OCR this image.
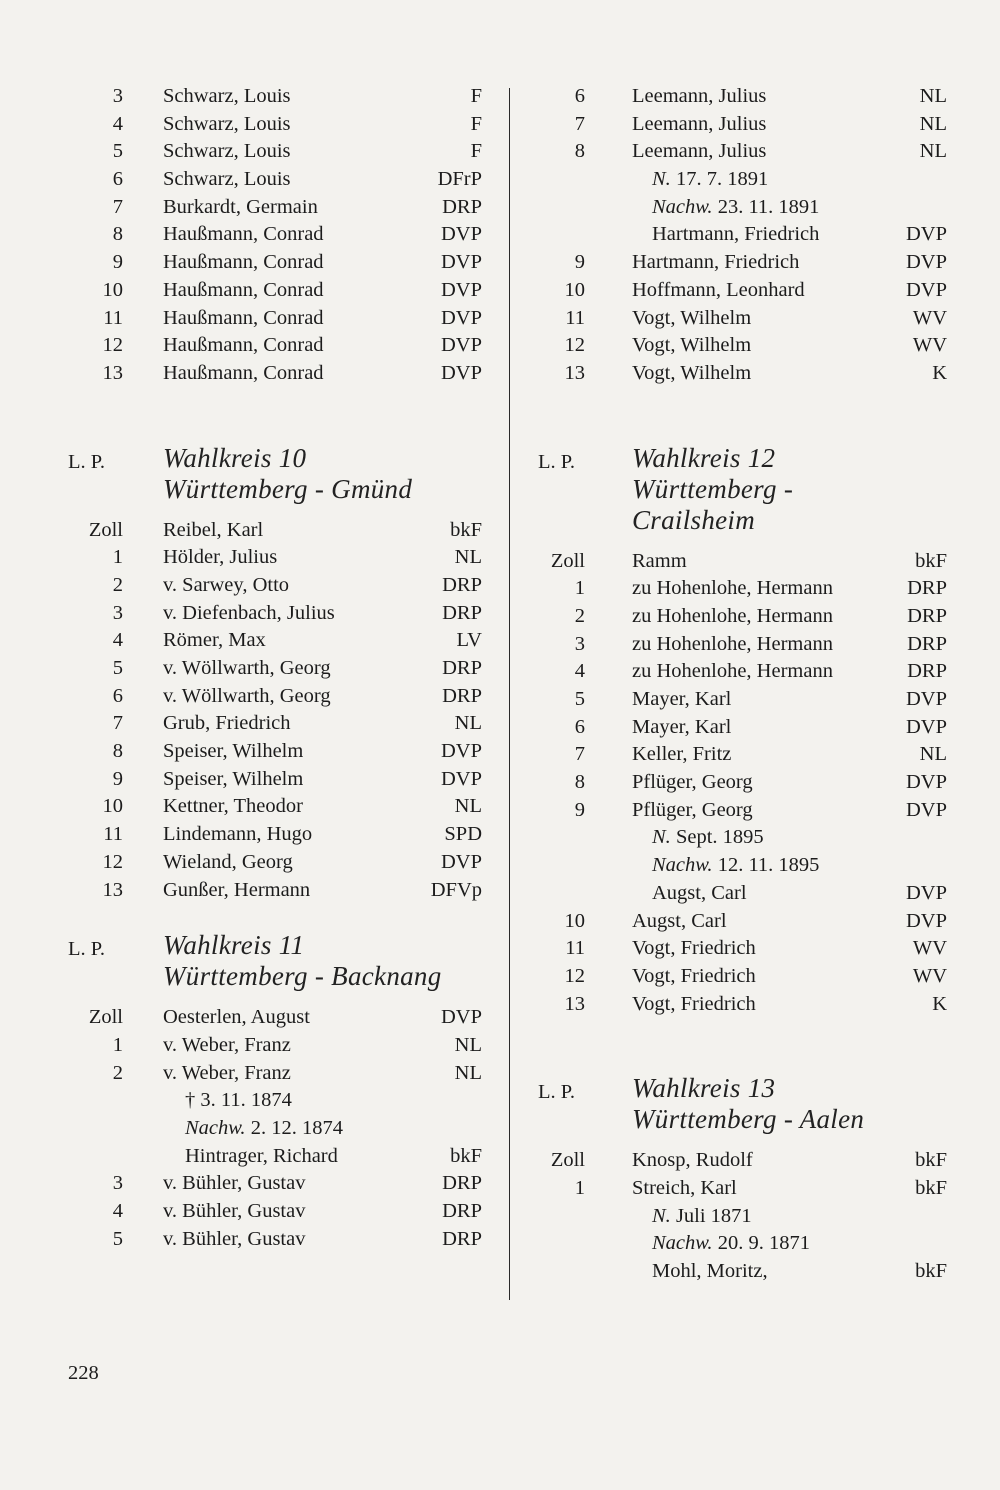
3 Schwarz, Louis	F
4 Schwarz, Louis	F
5 Schwarz, Louis	F
6 Schwarz, Louis	DFrP
7 Burkardt, Germain	DRP
8 Haußmann, Conrad	DVP
9 Haußmann, Conrad	DVP
10 Haußmann, Conrad	DVP
11 Haußmann, Conrad	DVP
12 Haußmann, Conrad	DVP
13 Haußmann, Conrad	DVP
L. P.	Wahlkreis 10
Württemberg - Gmünd
Zoll Reibel, Karl	bkF
1 Hölder, Julius	NL
2 v. Sarwey, Otto	DRP
3 v. Diefenbach, Julius	DRP
4 Römer, Max	LV
5 v. Wöllwarth, Georg	DRP
6 v. Wöllwarth, Georg	DRP
7 Grub, Friedrich	NL
8 Speiser, Wilhelm	DVP
9 Speiser, Wilhelm	DVP
10 Kettner, Theodor	NL
11 Lindemann, Hugo	SPD
12 Wieland, Georg	DVP
13 Gunßer, Hermann	DFVp
L. P.	Wahlkreis 11
Württemberg - Backnang
Zoll Oesterlen, August	DVP
1 v. Weber, Franz	NL
2 v. Weber, Franz	NL
† 3. 11. 1874
Nachw. 2. 12. 1874
Hintrager, Richard	bkF
3 v. Bühler, Gustav	DRP
4 v. Bühler, Gustav	DRP
5 v. Bühler, Gustav	DRP
6 Leemann, Julius	NL
7 Leemann, Julius	NL
8 Leemann, Julius	NL
N. 17. 7. 1891
Nachw. 23. 11. 1891
Hartmann, Friedrich	DVP
9 Hartmann, Friedrich	DVP
10 Hoffmann, Leonhard	DVP
11 Vogt, Wilhelm	WV
12 Vogt, Wilhelm	WV
13 Vogt, Wilhelm	K
L. P.	Wahlkreis 12
Württemberg -
Crailsheim
Zoll Ramm	bkF
1 zu Hohenlohe, Hermann	DRP
2 zu Hohenlohe, Hermann	DRP
3 zu Hohenlohe, Hermann	DRP
4 zu Hohenlohe, Hermann	DRP
5 Mayer, Karl	DVP
6 Mayer, Karl	DVP
7 Keller, Fritz	NL
8 Pflüger, Georg	DVP
9 Pflüger, Georg	DVP
N. Sept. 1895
Nachw. 12. 11. 1895
Augst, Carl	DVP
10 Augst, Carl	DVP
11 Vogt, Friedrich	WV
12 Vogt, Friedrich	WV
13 Vogt, Friedrich	K
L. P.	Wahlkreis 13
Württemberg - Aalen
Zoll Knosp, Rudolf	bkF
1 Streich, Karl	bkF
N. Juli 1871
Nachw. 20. 9. 1871
Mohl, Moritz,	bkF
228
